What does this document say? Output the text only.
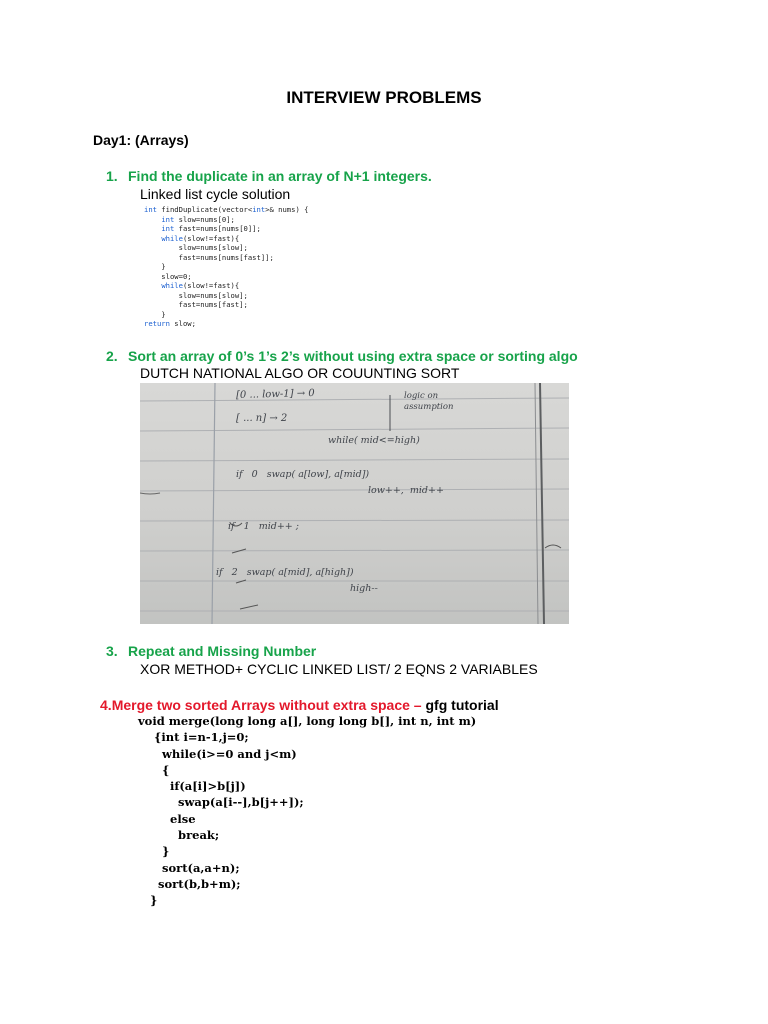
INTERVIEW PROBLEMS
Day1: (Arrays)
1. Find the duplicate in an array of N+1 integers.
Linked list cycle solution
int findDuplicate(vector<int>& nums) {
int slow=nums[0];
int fast=nums[nums[0]];
while(slow!=fast){
slow=nums[slow];
fast=nums[nums[fast]];
}
slow=0;
while(slow!=fast){
slow=nums[slow];
fast=nums[fast];
}
return slow;
2. Sort an array of 0’s 1’s 2’s without using extra space or sorting algo
DUTCH NATIONAL ALGO OR COUUNTING SORT
[0 ... low-1] → 0
[ ... n] → 2
logic on assumption
while( mid<=high)
if   0   swap( a[low], a[mid])
low++,  mid++
if   1   mid++ ;
if   2   swap( a[mid], a[high])
high--
3. Repeat and Missing Number
XOR METHOD+ CYCLIC LINKED LIST/ 2 EQNS 2 VARIABLES
4.Merge two sorted Arrays without extra space – gfg tutorial
void merge(long long a[], long long b[], int n, int m)
{int i=n-1,j=0;
while(i>=0 and j<m)
{
if(a[i]>b[j])
swap(a[i--],b[j++]);
else
break;
}
sort(a,a+n);
sort(b,b+m);
}
